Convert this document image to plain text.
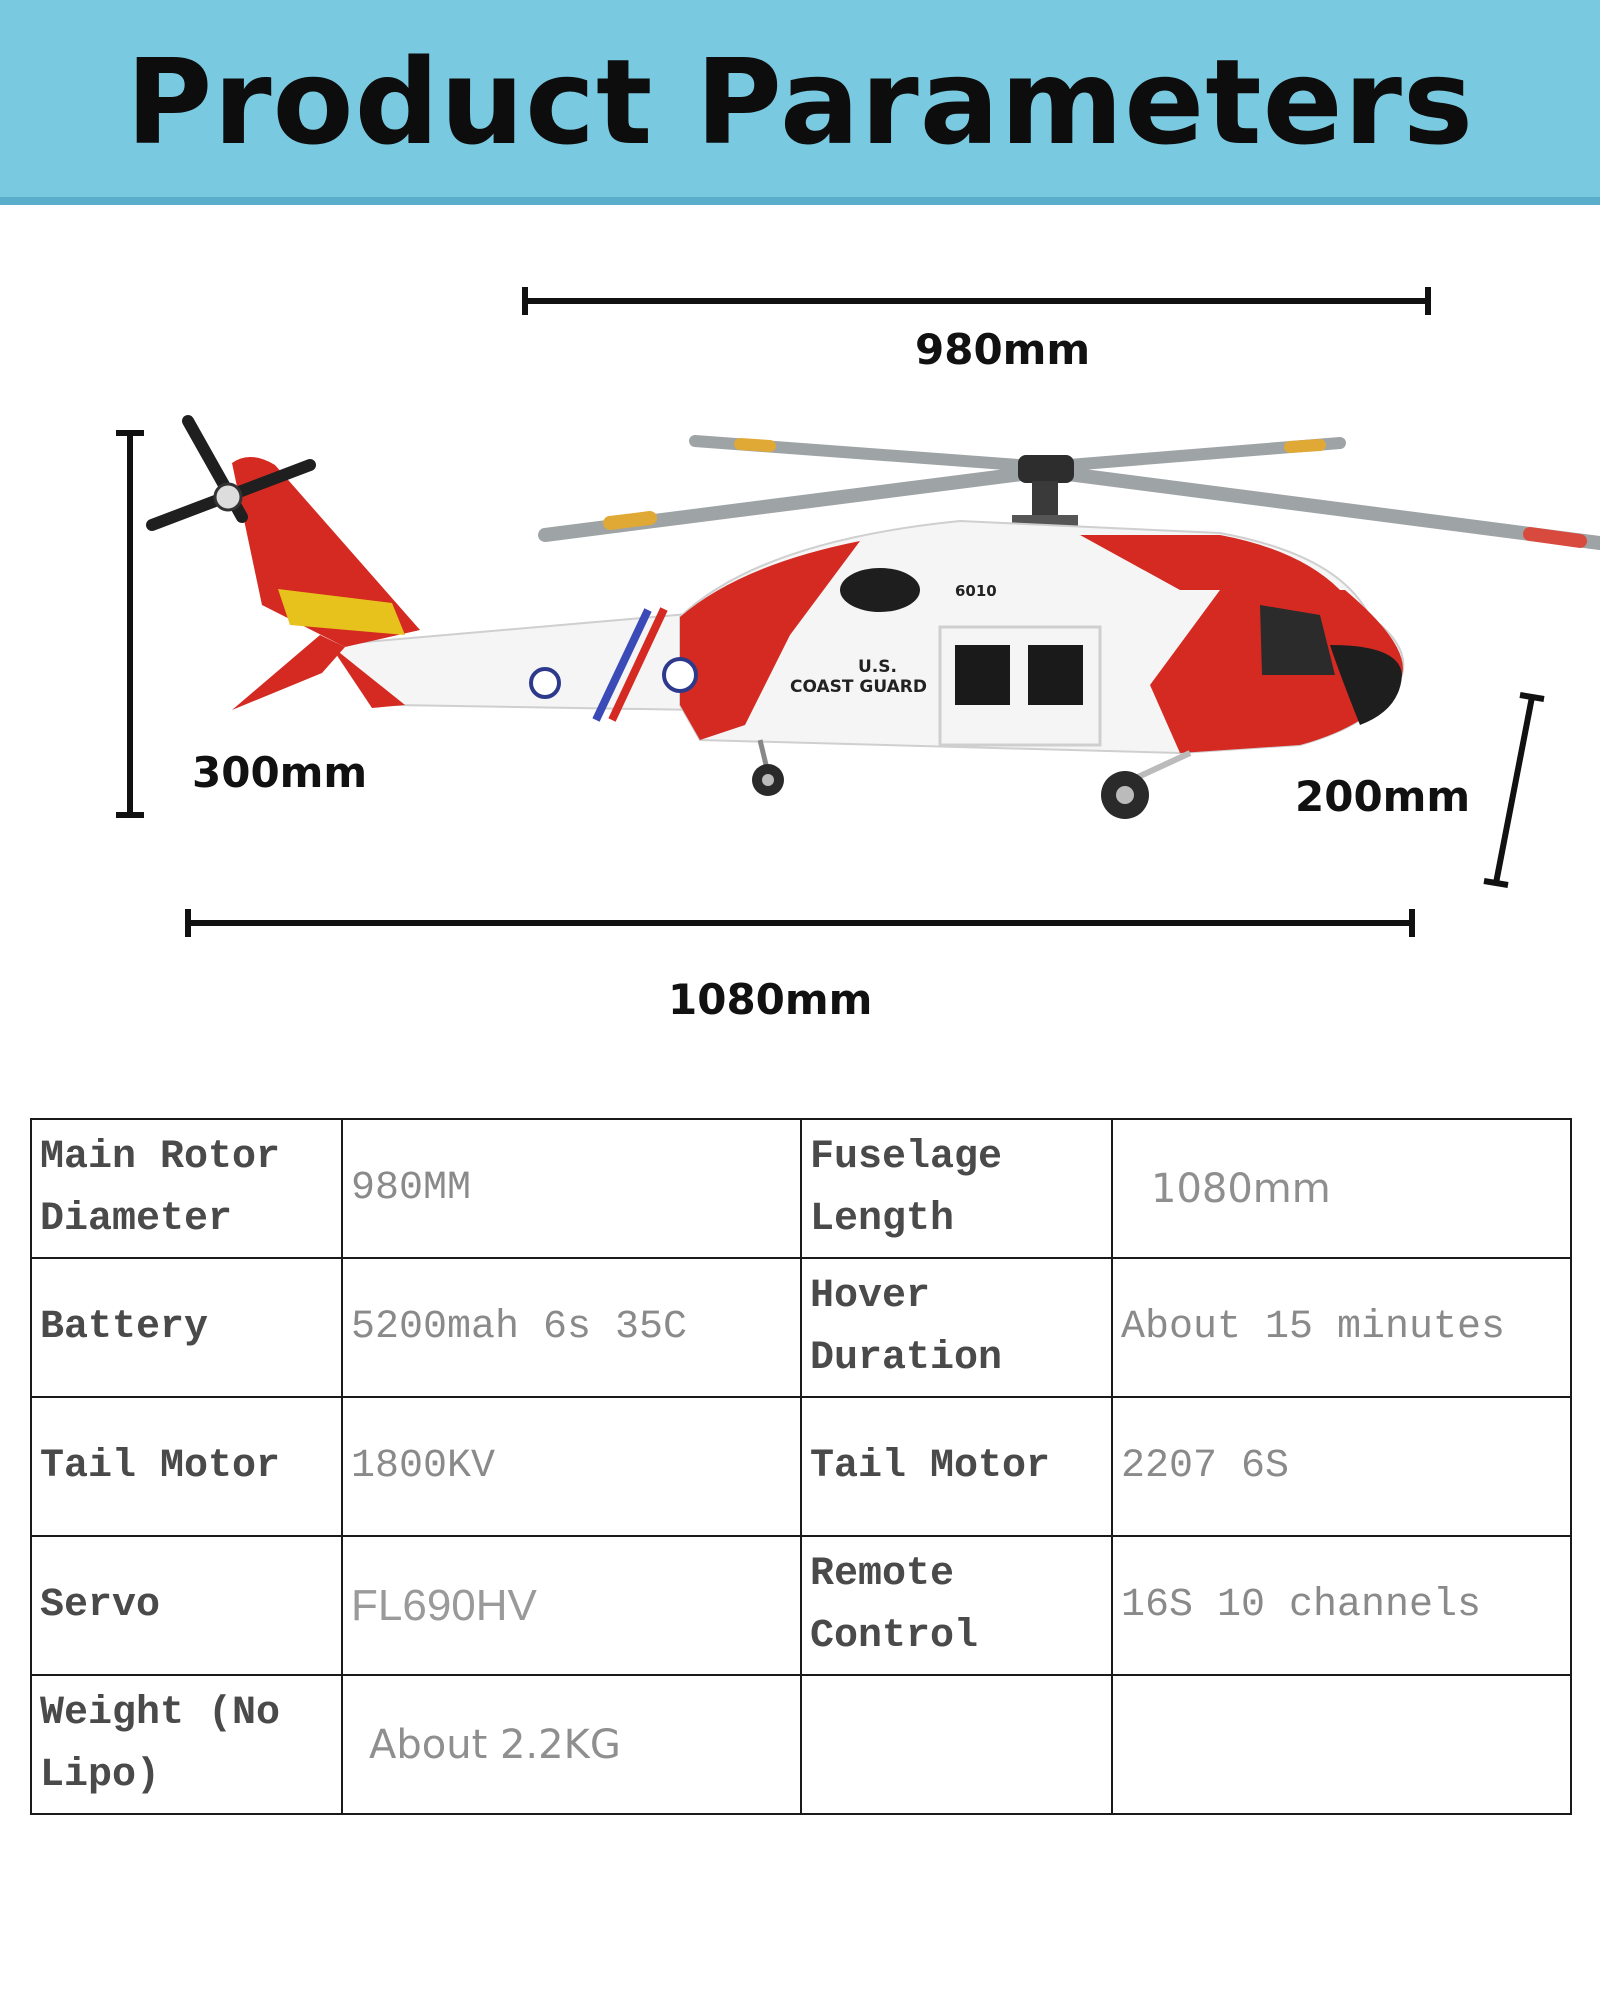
Product Parameters
U.S.
COAST GUARD
6010
980mm
300mm	200mm
1080mm
Main Rotor Diameter	980MM	Fuselage Length	1080mm
Battery	5200mah 6s 35C	Hover Duration	About 15 minutes
Tail Motor	1800KV	Tail Motor	2207 6S
Servo	FL690HV	Remote Control	16S 10 channels
Weight (No Lipo)	About 2.2KG		
